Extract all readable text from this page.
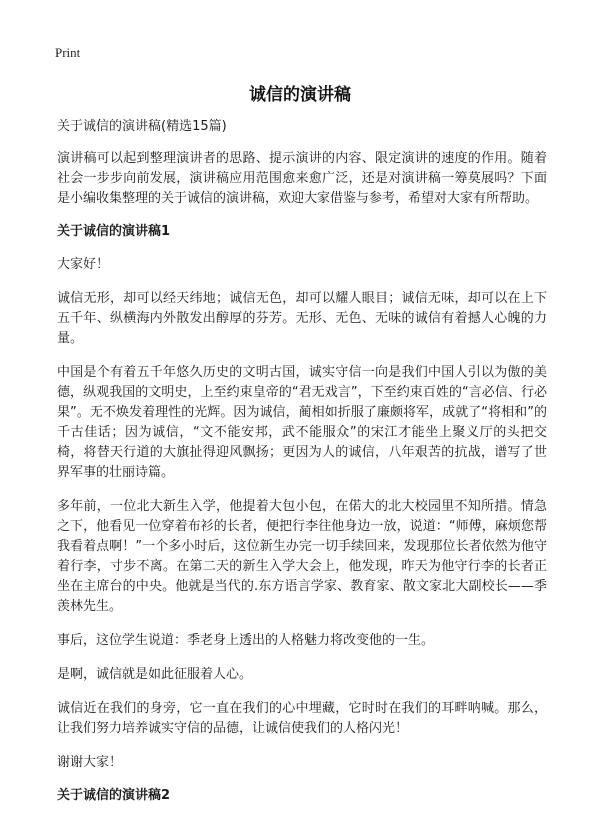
Print
诚信的演讲稿
关于诚信的演讲稿(精选15篇)

演讲稿可以起到整理演讲者的思路、提示演讲的内容、限定演讲的速度的作用。随着社会一步步向前发展，演讲稿应用范围愈来愈广泛，还是对演讲稿一筹莫展吗？下面是小编收集整理的关于诚信的演讲稿，欢迎大家借鉴与参考，希望对大家有所帮助。

关于诚信的演讲稿1

大家好！

诚信无形，却可以经天纬地；诚信无色，却可以耀人眼目；诚信无味，却可以在上下五千年、纵横海内外散发出醇厚的芬芳。无形、无色、无味的诚信有着撼人心魄的力量。

中国是个有着五千年悠久历史的文明古国，诚实守信一向是我们中国人引以为傲的美德，纵观我国的文明史，上至约束皇帝的“君无戏言”，下至约束百姓的“言必信、行必果”。无不焕发着理性的光辉。因为诚信，蔺相如折服了廉颇将军，成就了“将相和”的千古佳话；因为诚信，“文不能安邦，武不能服众”的宋江才能坐上聚义厅的头把交椅，将替天行道的大旗扯得迎风飘扬；更因为人的诚信，八年艰苦的抗战，谱写了世界军事的壮丽诗篇。

多年前，一位北大新生入学，他提着大包小包，在偌大的北大校园里不知所措。情急之下，他看见一位穿着布衫的长者，便把行李往他身边一放，说道：“师傅，麻烦您帮我看着点啊！”一个多小时后，这位新生办完一切手续回来，发现那位长者依然为他守着行李，寸步不离。在第二天的新生入学大会上，他发现，昨天为他守行李的长者正坐在主席台的中央。他就是当代的.东方语言学家、教育家、散文家北大副校长——季羡林先生。

事后，这位学生说道：季老身上透出的人格魅力将改变他的一生。

是啊，诚信就是如此征服着人心。

诚信近在我们的身旁，它一直在我们的心中埋藏，它时时在我们的耳畔呐喊。那么，让我们努力培养诚实守信的品德，让诚信使我们的人格闪光！

谢谢大家！

关于诚信的演讲稿2
